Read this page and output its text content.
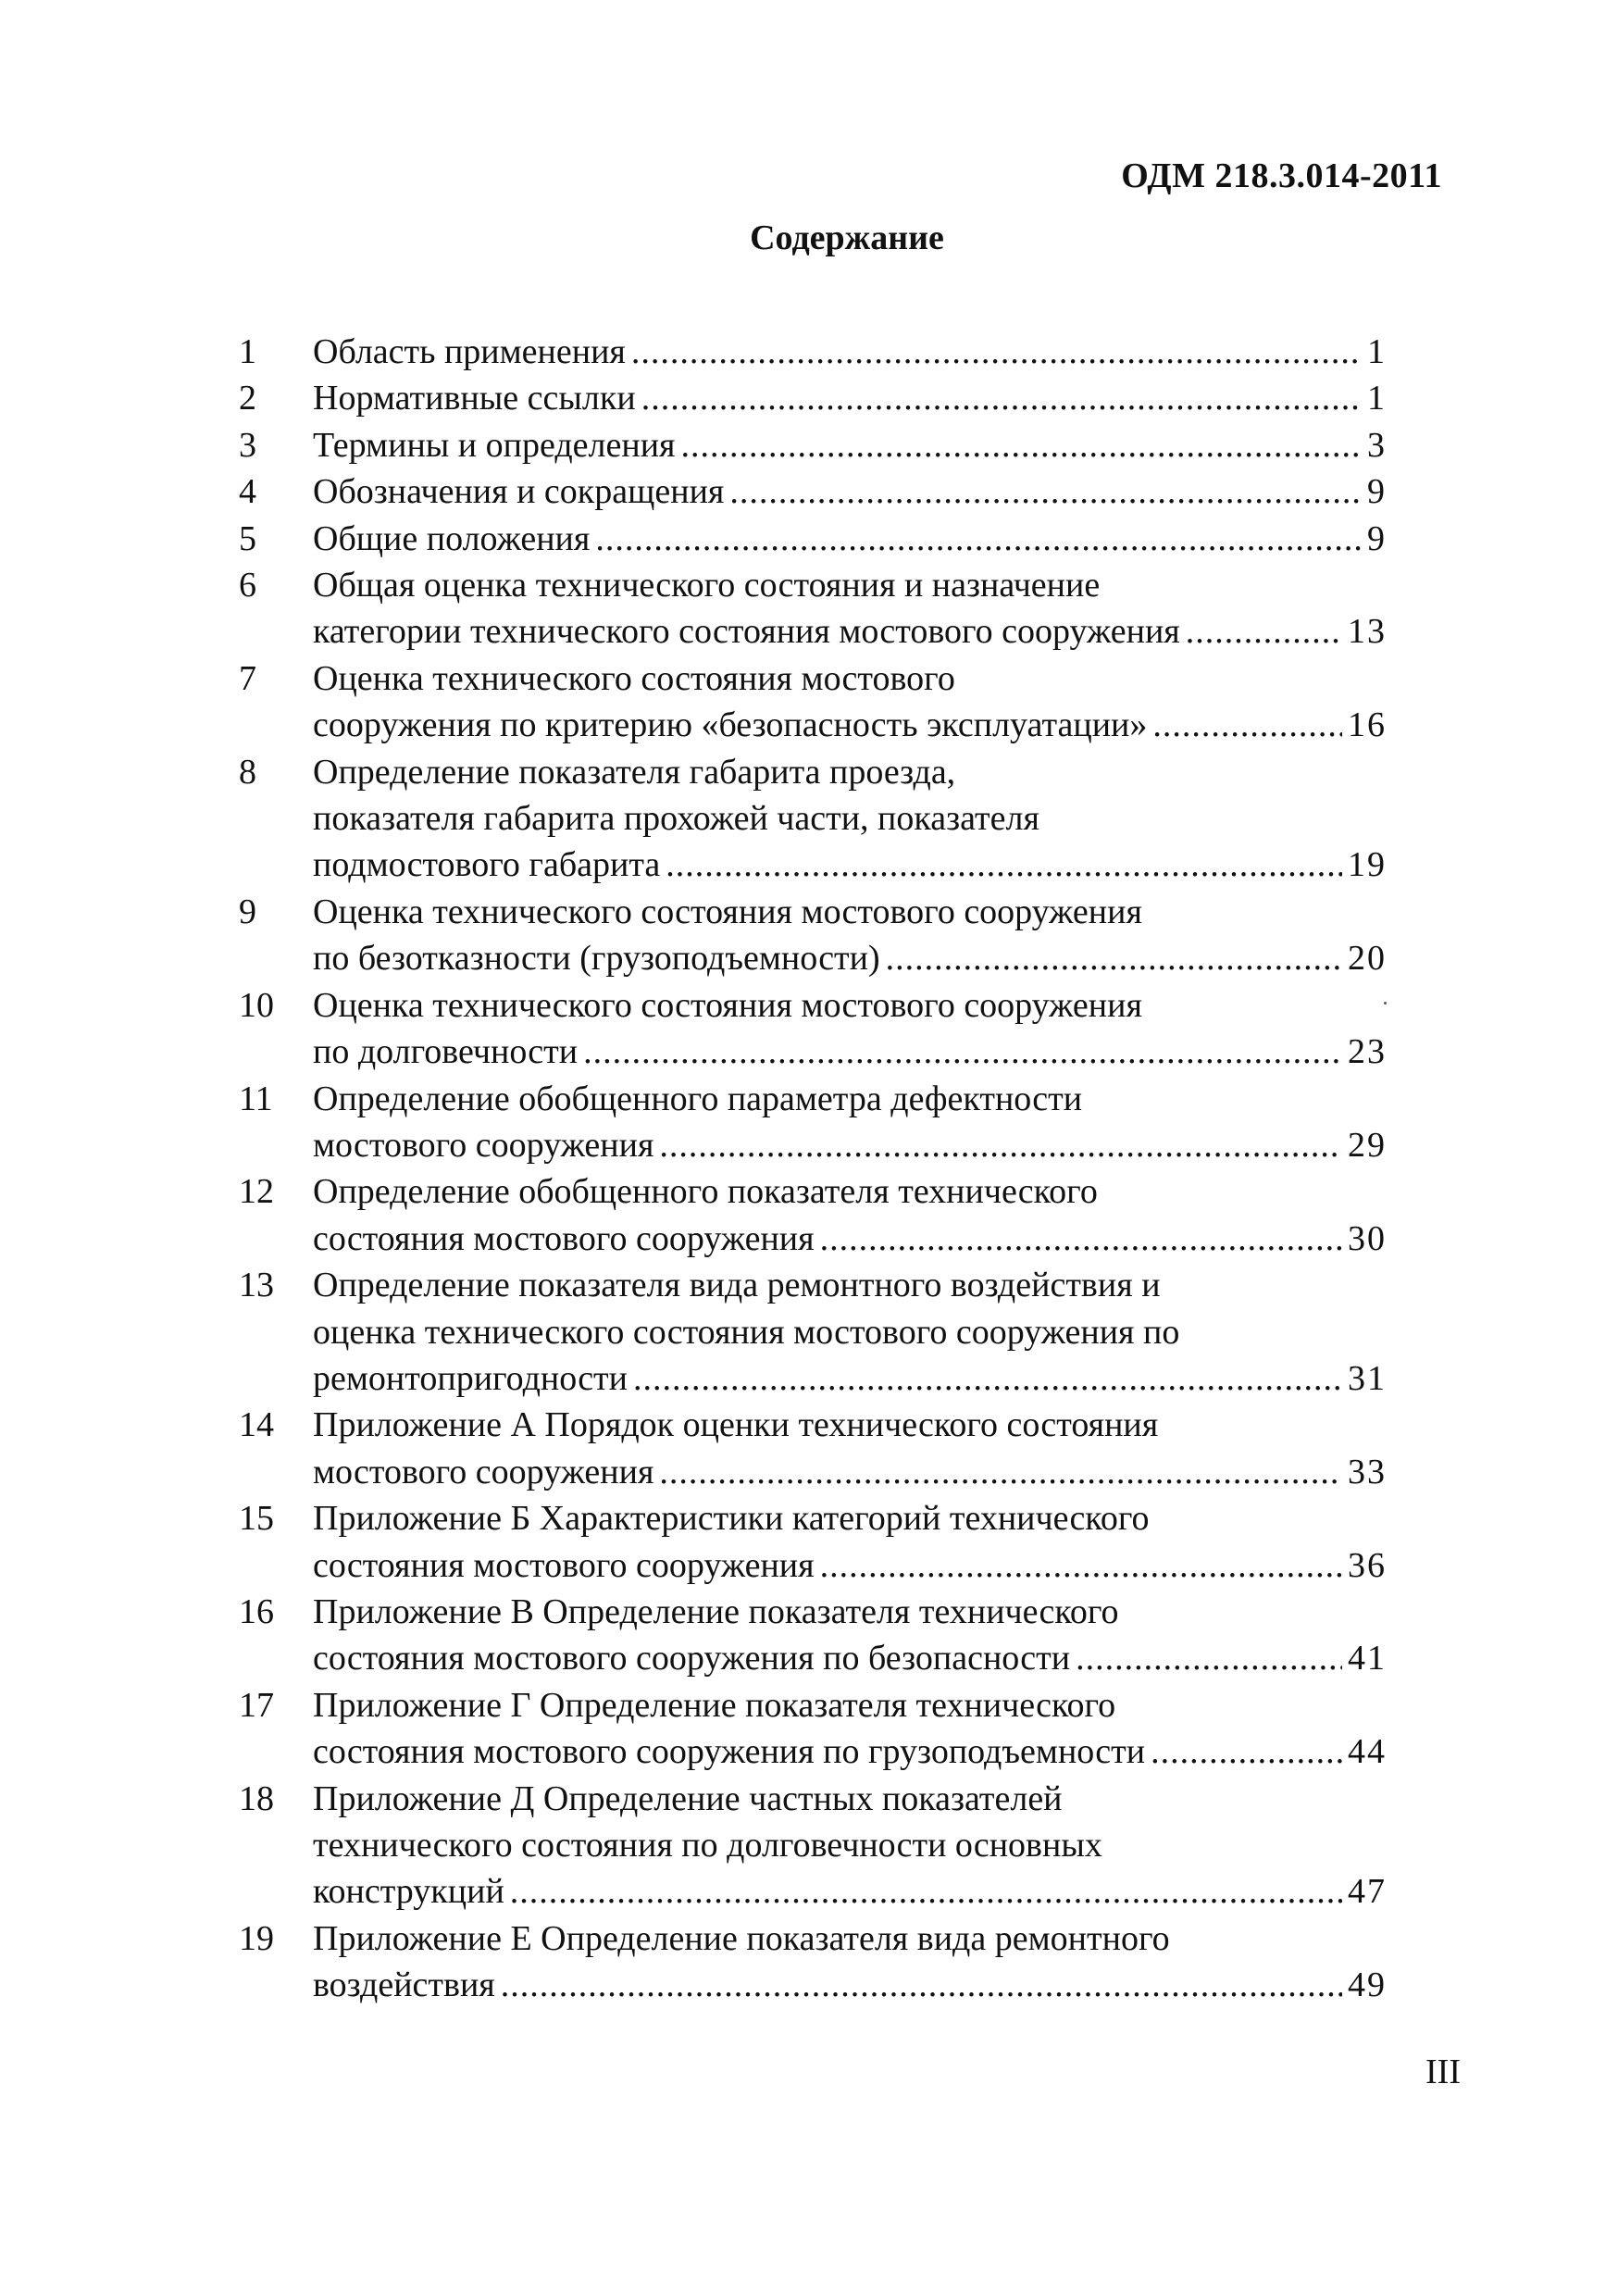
ОДМ 218.3.014-2011
Содержание
1	Область применения .....	1
2	Нормативные ссылки .....	1
3	Термины и определения .....	3
4	Обозначения и сокращения .....	9
5	Общие положения .....	9
6	Общая оценка технического состояния и назначение
категории технического состояния мостового сооружения .....	13
7	Оценка технического состояния мостового
сооружения по критерию «безопасность эксплуатации» .....	16
8	Определение показателя габарита проезда,
показателя габарита прохожей части, показателя
подмостового габарита .....	19
9	Оценка технического состояния мостового сооружения
по безотказности (грузоподъемности) .....	20
10	Оценка технического состояния мостового сооружения
по долговечности .....	23
11	Определение обобщенного параметра дефектности
мостового сооружения .....	29
12	Определение обобщенного показателя технического
состояния мостового сооружения .....	30
13	Определение показателя вида ремонтного воздействия и
оценка технического состояния мостового сооружения по
ремонтопригодности .....	31
14	Приложение А Порядок оценки технического состояния
мостового сооружения .....	33
15	Приложение Б Характеристики категорий технического
состояния мостового сооружения .....	36
16	Приложение В Определение показателя технического
состояния мостового сооружения по безопасности .....	41
17	Приложение Г Определение показателя технического
состояния мостового сооружения по грузоподъемности .....	44
18	Приложение Д Определение частных показателей
технического состояния по долговечности основных
конструкций .....	47
19	Приложение Е Определение показателя вида ремонтного
воздействия .....	49
III
